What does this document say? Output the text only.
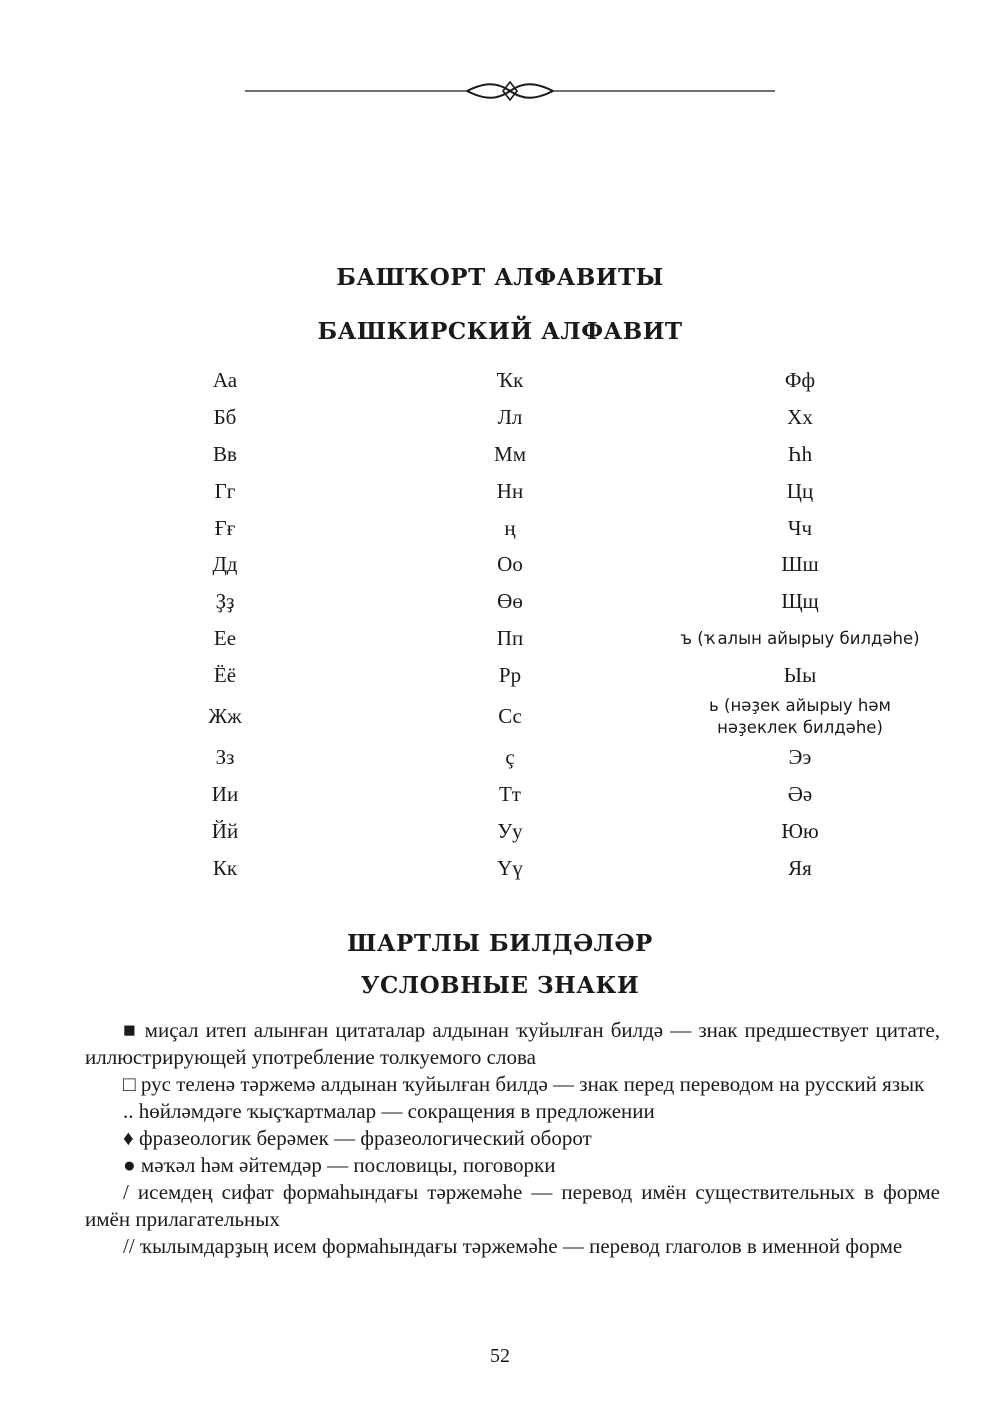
БАШҠОРТ АЛФАВИТЫ
БАШКИРСКИЙ АЛФАВИТ
Аа	Ҡк	Фф
Бб	Лл	Хх
Вв	Мм	Һһ
Гг	Нн	Цц
Ғғ	ң	Чч
Дд	Оо	Шш
Ҙҙ	Өө	Щщ
Ее	Пп	ъ (ҡалын айырыу билдәһе)
Ёё	Рр	Ыы
Жж	Сс	ь (нәҙек айырыу һәм нәҙеклек билдәһе)
Зз	ç	Ээ
Ии	Тт	Әә
Йй	Уу	Юю
Кк	Үү	Яя
ШАРТЛЫ БИЛДӘЛӘР
УСЛОВНЫЕ ЗНАКИ

■ миçал итеп алынған цитаталар алдынан ҡуйылған билдә — знак предшествует цитате, иллюстрирующей употребление толкуемого слова

□ рус теленә тәржемә алдынан ҡуйылған билдә — знак перед переводом на русский язык

.. һөйләмдәге ҡыçҡартмалар — сокращения в предложении

♦ фразеологик берәмек — фразеологический оборот

● мәҡәл һәм әйтемдәр — пословицы, поговорки

/ исемдең сифат формаһындағы тәржемәһе — перевод имён существительных в форме имён прилагательных

// ҡылымдарҙың исем формаһындағы тәржемәһе — перевод глаголов в именной форме

52
